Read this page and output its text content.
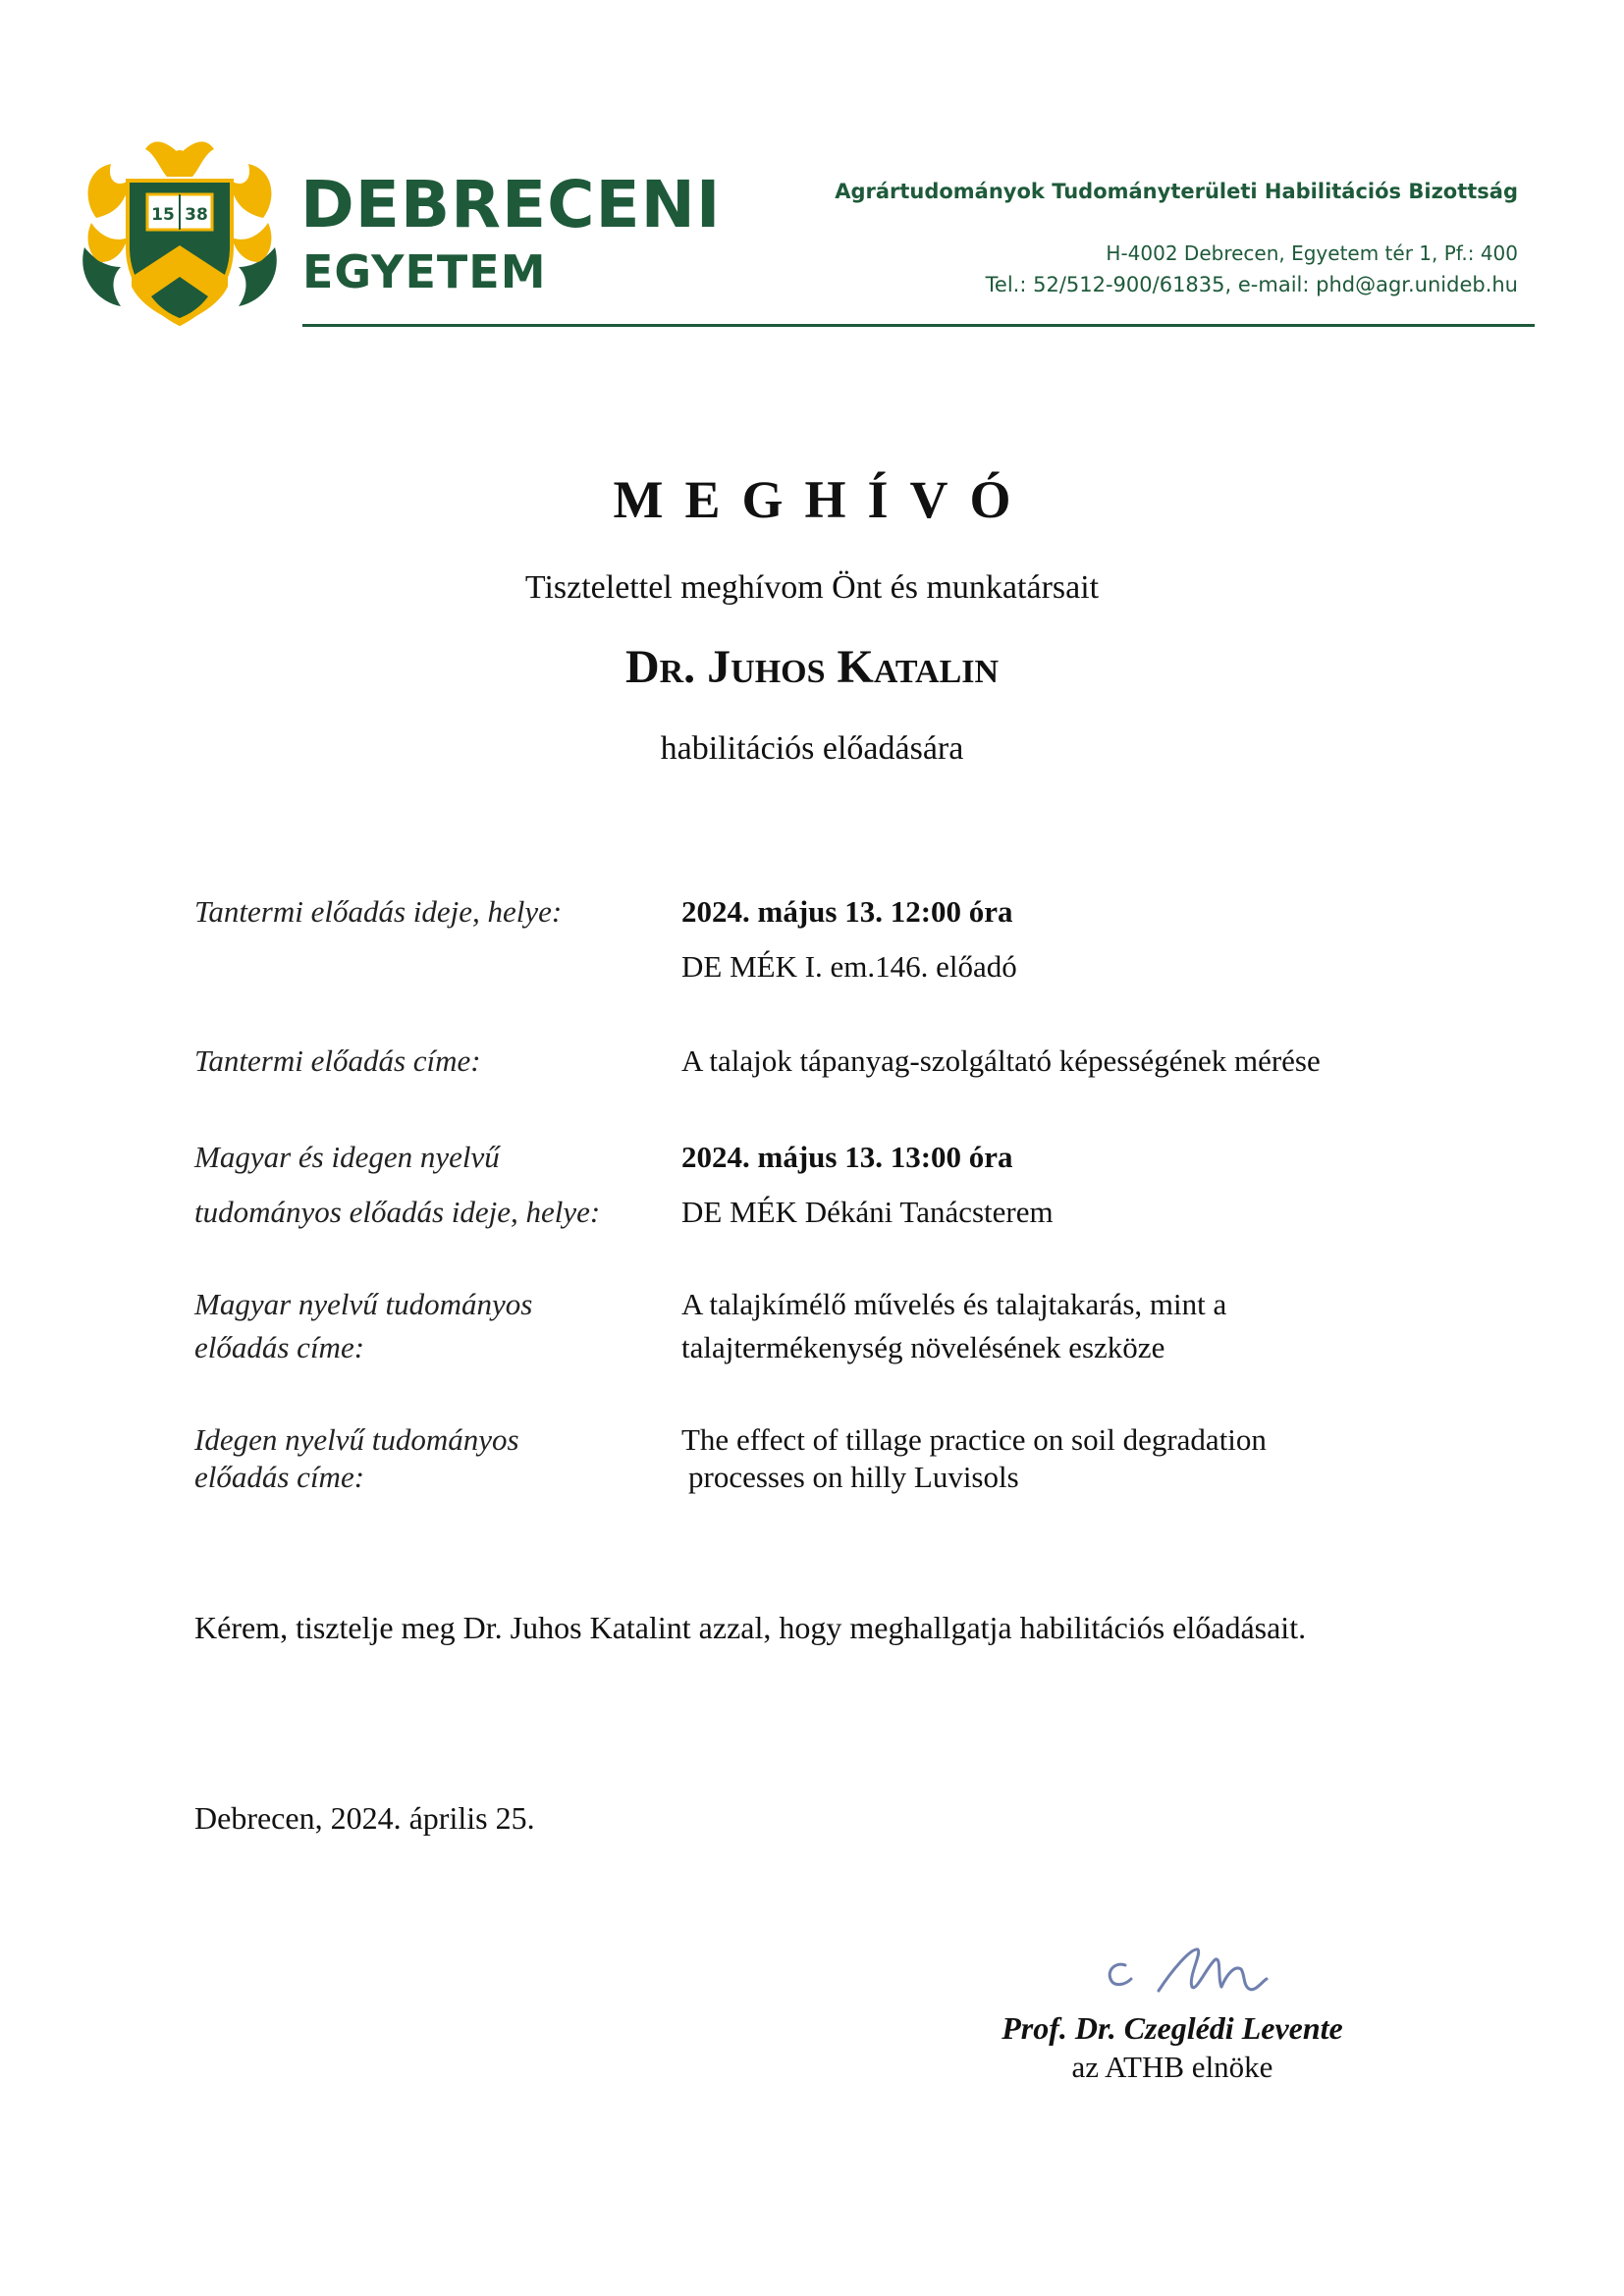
15 38 DEBRECENI
EGYETEM
Agrártudományok Tudományterületi Habilitációs Bizottság
H-4002 Debrecen, Egyetem tér 1, Pf.: 400
Tel.: 52/512-900/61835, e-mail: phd@agr.unideb.hu
MEGHÍVÓ
Tisztelettel meghívom Önt és munkatársait
Dr. Juhos Katalin
habilitációs előadására
Tantermi előadás ideje, helye:	2024. május 13. 12:00 óra
DE MÉK I. em.146. előadó
Tantermi előadás címe:	A talajok tápanyag-szolgáltató képességének mérése
Magyar és idegen nyelvű
tudományos előadás ideje, helye:
2024. május 13. 13:00 óra
DE MÉK Dékáni Tanácsterem
Magyar nyelvű tudományos
előadás címe:
A talajkímélő művelés és talajtakarás, mint a
talajtermékenység növelésének eszköze
Idegen nyelvű tudományos
előadás címe:
The effect of tillage practice on soil degradation
processes on hilly Luvisols
Kérem, tisztelje meg Dr. Juhos Katalint azzal, hogy meghallgatja habilitációs előadásait.
Debrecen, 2024. április 25.
Prof. Dr. Czeglédi Levente
az ATHB elnöke
